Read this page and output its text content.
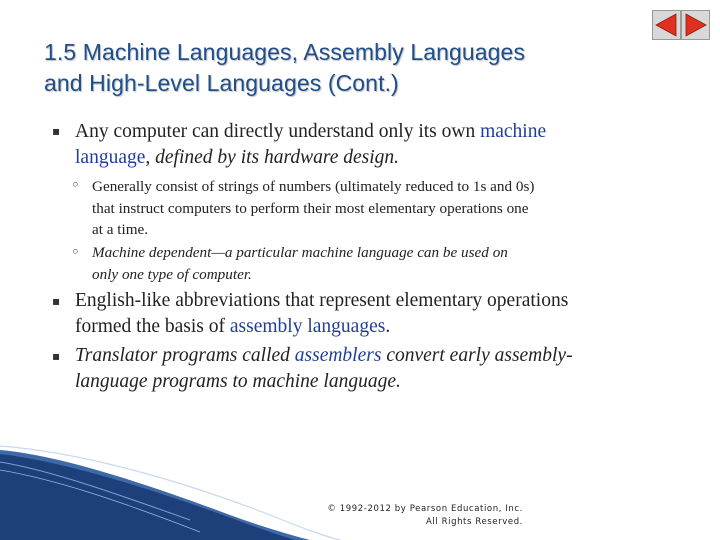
1.5 Machine Languages, Assembly Languages
and High-Level Languages (Cont.)
▪ Any computer can directly understand only its own machine
language, defined by its hardware design.
◦ Generally consist of strings of numbers (ultimately reduced to 1s and 0s)
that instruct computers to perform their most elementary operations one
at a time.
◦ Machine dependent—a particular machine language can be used on
only one type of computer.
▪ English-like abbreviations that represent elementary operations
formed the basis of assembly languages.
▪ Translator programs called assemblers convert early assembly-
language programs to machine language.
© 1992-2012 by Pearson Education, Inc.
All Rights Reserved.
